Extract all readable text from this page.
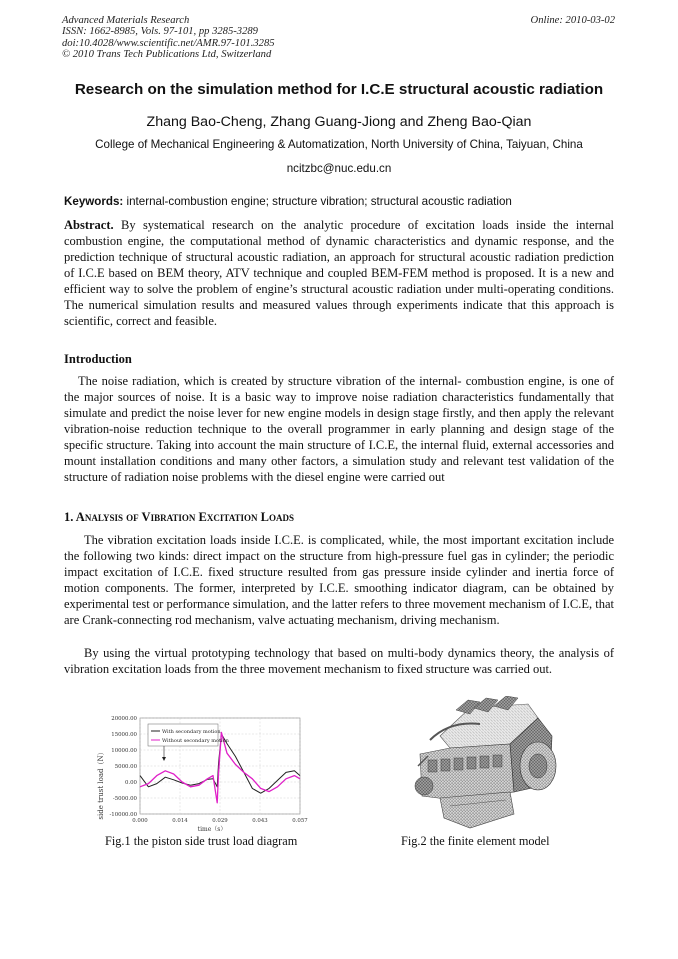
Advanced Materials Research
ISSN: 1662-8985, Vols. 97-101, pp 3285-3289
doi:10.4028/www.scientific.net/AMR.97-101.3285
© 2010 Trans Tech Publications Ltd, Switzerland
Online: 2010-03-02
Research on the simulation method for I.C.E structural acoustic radiation
Zhang Bao-Cheng, Zhang Guang-Jiong and Zheng Bao-Qian
College of Mechanical Engineering & Automatization, North University of China, Taiyuan, China
ncitzbc@nuc.edu.cn
Keywords: internal-combustion engine; structure vibration; structural acoustic radiation
Abstract. By systematical research on the analytic procedure of excitation loads inside the internal combustion engine, the computational method of dynamic characteristics and dynamic response, and the prediction technique of structural acoustic radiation, an approach for structural acoustic radiation prediction of I.C.E based on BEM theory, ATV technique and coupled BEM-FEM method is proposed. It is a new and efficient way to solve the problem of engine’s structural acoustic radiation under multi-operating conditions. The numerical simulation results and measured values through experiments indicate that this approach is scientific, correct and feasible.
Introduction
The noise radiation, which is created by structure vibration of the internal- combustion engine, is one of the major sources of noise. It is a basic way to improve noise radiation characteristics fundamentally that simulate and predict the noise lever for new engine models in design stage firstly, and then apply the relevant vibration-noise reduction technique to the overall programmer in early planning and design stage of the specific structure. Taking into account the main structure of I.C.E, the internal fluid, external accessories and mount installation conditions and many other factors, a simulation study and relevant test validation of the structure of radiation noise problems with the diesel engine were carried out
1. Analysis of Vibration Excitation Loads
The vibration excitation loads inside I.C.E. is complicated, while, the most important excitation include the following two kinds: direct impact on the structure from high-pressure fuel gas in cylinder; the periodic impact excitation of I.C.E. fixed structure resulted from gas pressure inside cylinder and inertia force of motion components. The former, interpreted by I.C.E. smoothing indicator diagram, can be obtained by experimental test or performance simulation, and the latter refers to three movement mechanism of I.C.E, that are Crank-connecting rod mechanism, valve actuating mechanism, driving mechanism.
By using the virtual prototyping technology that based on multi-body dynamics theory, the analysis of vibration excitation loads from the three movement mechanism to fixed structure was carried out.
20000.00
15000.00
10000.00
5000.00
0.00
-5000.00
-10000.00
0.000	0.014	0.029	0.043	0.057
side trust load（N）
time（s）
With secondary motion
Without secondary motion
Fig.1 the piston side trust load diagram	Fig.2 the finite element model
